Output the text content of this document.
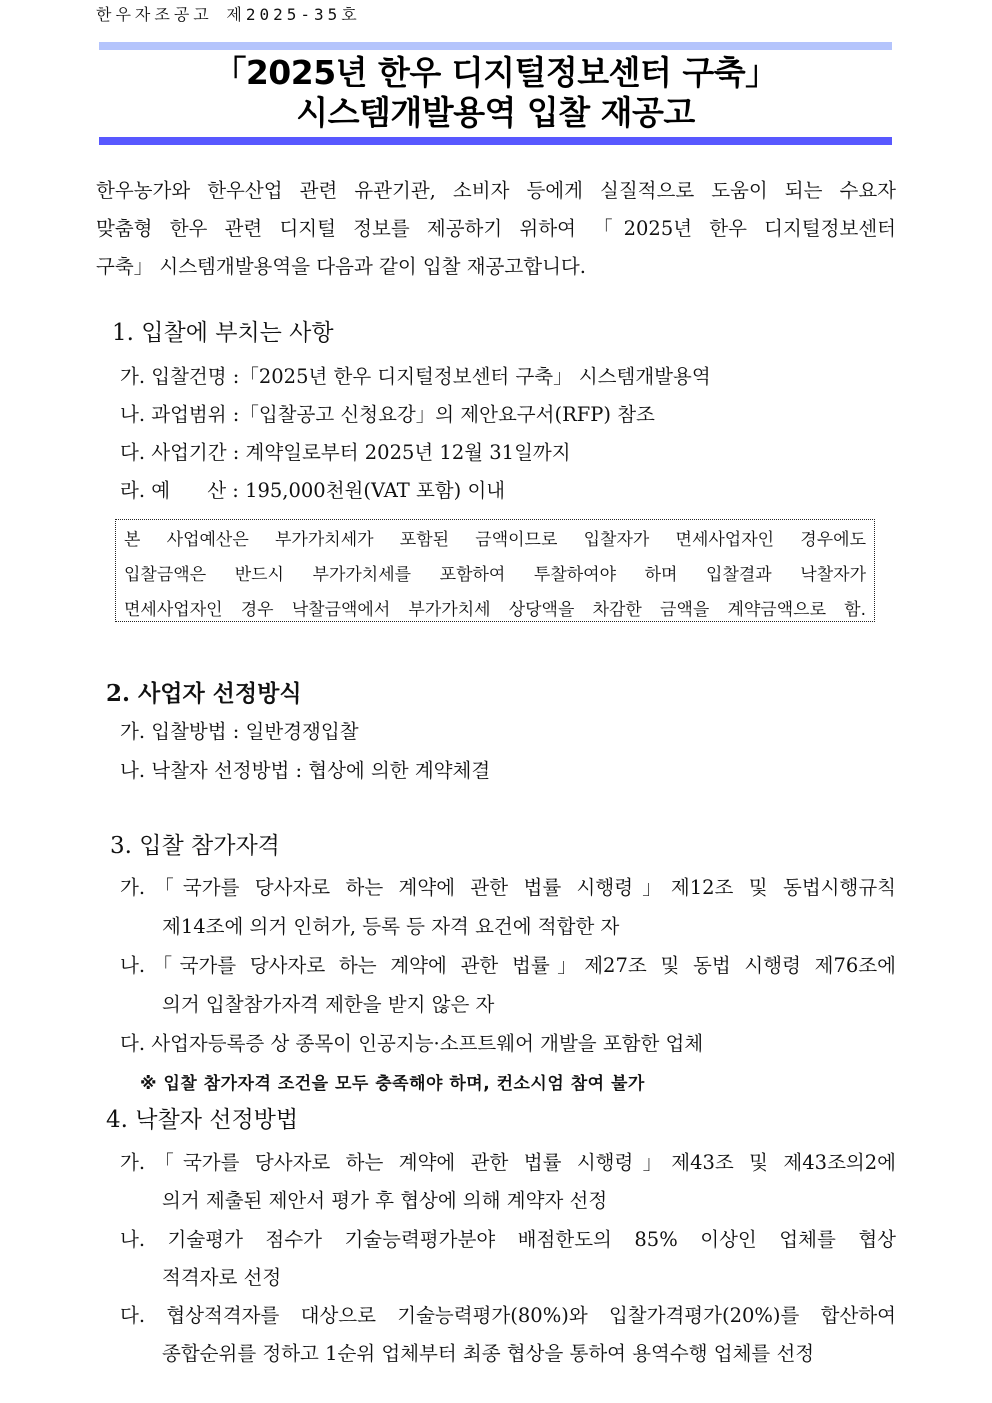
한우자조공고 제2025-35호
「2025년 한우 디지털정보센터 구축」
시스템개발용역 입찰 재공고
한우농가와 한우산업 관련 유관기관, 소비자 등에게 실질적으로 도움이 되는 수요자
맞춤형 한우 관련 디지털 정보를 제공하기 위하여 「2025년 한우 디지털정보센터
구축」 시스템개발용역을 다음과 같이 입찰 재공고합니다.
1. 입찰에 부치는 사항
가. 입찰건명 :「2025년 한우 디지털정보센터 구축」 시스템개발용역
나. 과업범위 :「입찰공고 신청요강」의 제안요구서(RFP) 참조
다. 사업기간 : 계약일로부터 2025년 12월 31일까지
라. 예      산 : 195,000천원(VAT 포함) 이내
본 사업예산은 부가가치세가 포함된 금액이므로 입찰자가 면세사업자인 경우에도
입찰금액은 반드시 부가가치세를 포함하여 투찰하여야 하며 입찰결과 낙찰자가
면세사업자인 경우 낙찰금액에서 부가가치세 상당액을 차감한 금액을 계약금액으로 함.
2. 사업자 선정방식
가. 입찰방법 : 일반경쟁입찰
나. 낙찰자 선정방법 : 협상에 의한 계약체결
3. 입찰 참가자격
가.「국가를 당사자로 하는 계약에 관한 법률 시행령」제12조 및 동법시행규칙
제14조에 의거 인허가, 등록 등 자격 요건에 적합한 자
나.「국가를 당사자로 하는 계약에 관한 법률」제27조 및 동법 시행령 제76조에
의거 입찰참가자격 제한을 받지 않은 자
다. 사업자등록증 상 종목이 인공지능·소프트웨어 개발을 포함한 업체
※ 입찰 참가자격 조건을 모두 충족해야 하며, 컨소시엄 참여 불가
4. 낙찰자 선정방법
가.「국가를 당사자로 하는 계약에 관한 법률 시행령」제43조 및 제43조의2에
의거 제출된 제안서 평가 후 협상에 의해 계약자 선정
나. 기술평가 점수가 기술능력평가분야 배점한도의 85% 이상인 업체를 협상
적격자로 선정
다. 협상적격자를 대상으로 기술능력평가(80%)와 입찰가격평가(20%)를 합산하여
종합순위를 정하고 1순위 업체부터 최종 협상을 통하여 용역수행 업체를 선정
